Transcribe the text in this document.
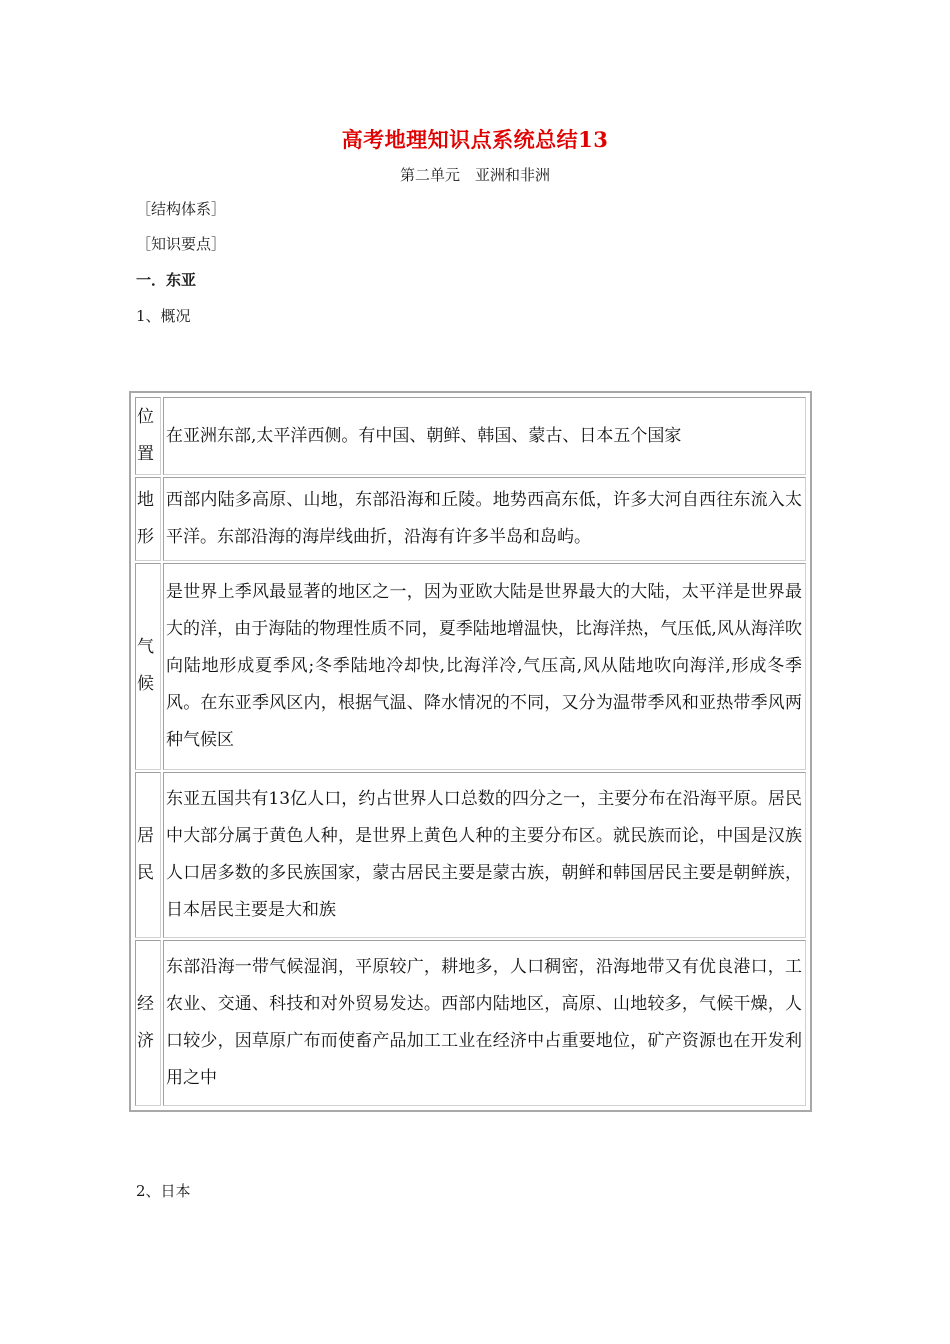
高考地理知识点系统总结13
第二单元　亚洲和非洲
［结构体系］
［知识要点］
一．东亚
1、概况
位置	在亚洲东部,太平洋西侧。有中国、朝鲜、韩国、蒙古、日本五个国家

地形	西部内陆多高原、山地，东部沿海和丘陵。地势西高东低，许多大河自西往东流入太平洋。东部沿海的海岸线曲折，沿海有许多半岛和岛屿。

气候	是世界上季风最显著的地区之一，因为亚欧大陆是世界最大的大陆，太平洋是世界最大的洋，由于海陆的物理性质不同，夏季陆地增温快，比海洋热，气压低,风从海洋吹向陆地形成夏季风;冬季陆地冷却快,比海洋冷,气压高,风从陆地吹向海洋,形成冬季风。在东亚季风区内，根据气温、降水情况的不同，又分为温带季风和亚热带季风两种气候区

居民	东亚五国共有13亿人口，约占世界人口总数的四分之一，主要分布在沿海平原。居民中大部分属于黄色人种，是世界上黄色人种的主要分布区。就民族而论，中国是汉族人口居多数的多民族国家，蒙古居民主要是蒙古族，朝鲜和韩国居民主要是朝鲜族，日本居民主要是大和族

经济	东部沿海一带气候湿润，平原较广，耕地多，人口稠密，沿海地带又有优良港口，工农业、交通、科技和对外贸易发达。西部内陆地区，高原、山地较多，气候干燥，人口较少，因草原广布而使畜产品加工工业在经济中占重要地位，矿产资源也在开发利用之中
2、日本
